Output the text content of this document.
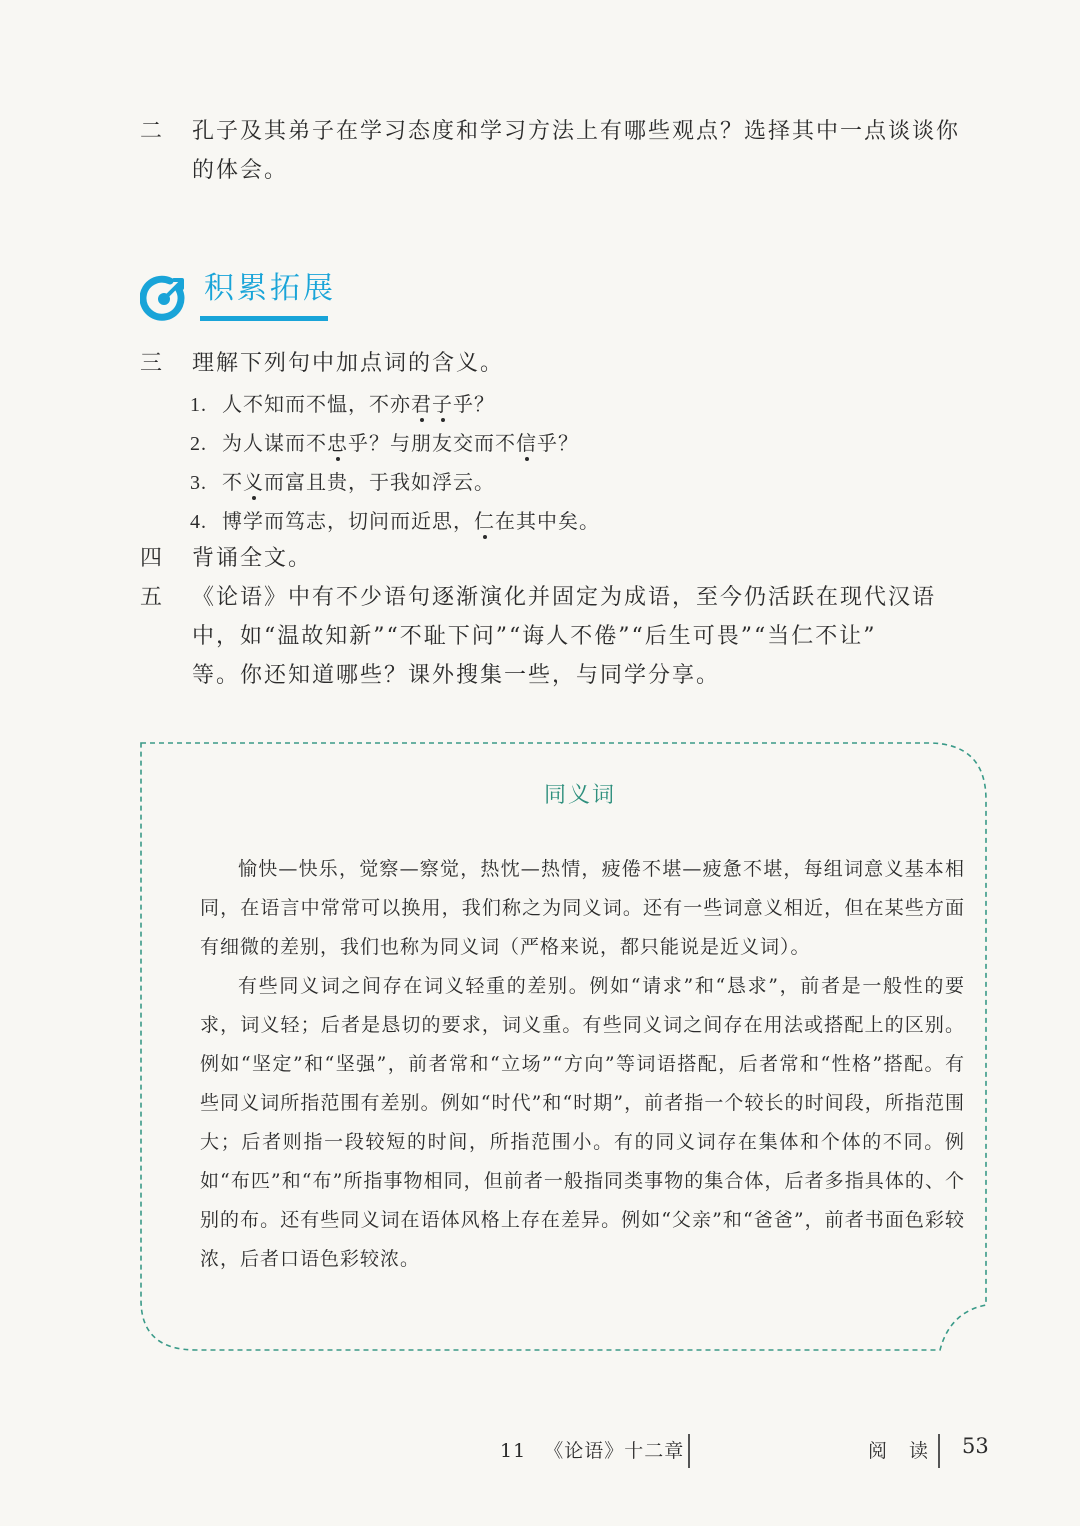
二 孔子及其弟子在学习态度和学习方法上有哪些观点？选择其中一点谈谈你
的体会。
积累拓展
三 理解下列句中加点词的含义。
1. 人不知而不愠，不亦君子乎？
2. 为人谋而不忠乎？与朋友交而不信乎？
3. 不义而富且贵，于我如浮云。
4. 博学而笃志，切问而近思，仁在其中矣。
四 背诵全文。
五 《论语》中有不少语句逐渐演化并固定为成语，至今仍活跃在现代汉语
中，如“温故知新”“不耻下问”“诲人不倦”“后生可畏”“当仁不让”
等。你还知道哪些？课外搜集一些，与同学分享。
同义词

愉快—快乐，觉察—察觉，热忱—热情，疲倦不堪—疲惫不堪，每组词意义基本相同，在语言中常常可以换用，我们称之为同义词。还有一些词意义相近，但在某些方面有细微的差别，我们也称为同义词（严格来说，都只能说是近义词）。

有些同义词之间存在词义轻重的差别。例如“请求”和“恳求”，前者是一般性的要求，词义轻；后者是恳切的要求，词义重。有些同义词之间存在用法或搭配上的区别。例如“坚定”和“坚强”，前者常和“立场”“方向”等词语搭配，后者常和“性格”搭配。有些同义词所指范围有差别。例如“时代”和“时期”，前者指一个较长的时间段，所指范围大；后者则指一段较短的时间，所指范围小。有的同义词存在集体和个体的不同。例如“布匹”和“布”所指事物相同，但前者一般指同类事物的集合体，后者多指具体的、个别的布。还有些同义词在语体风格上存在差异。例如“父亲”和“爸爸”，前者书面色彩较浓，后者口语色彩较浓。

11 《论语》十二章	阅 读 53
